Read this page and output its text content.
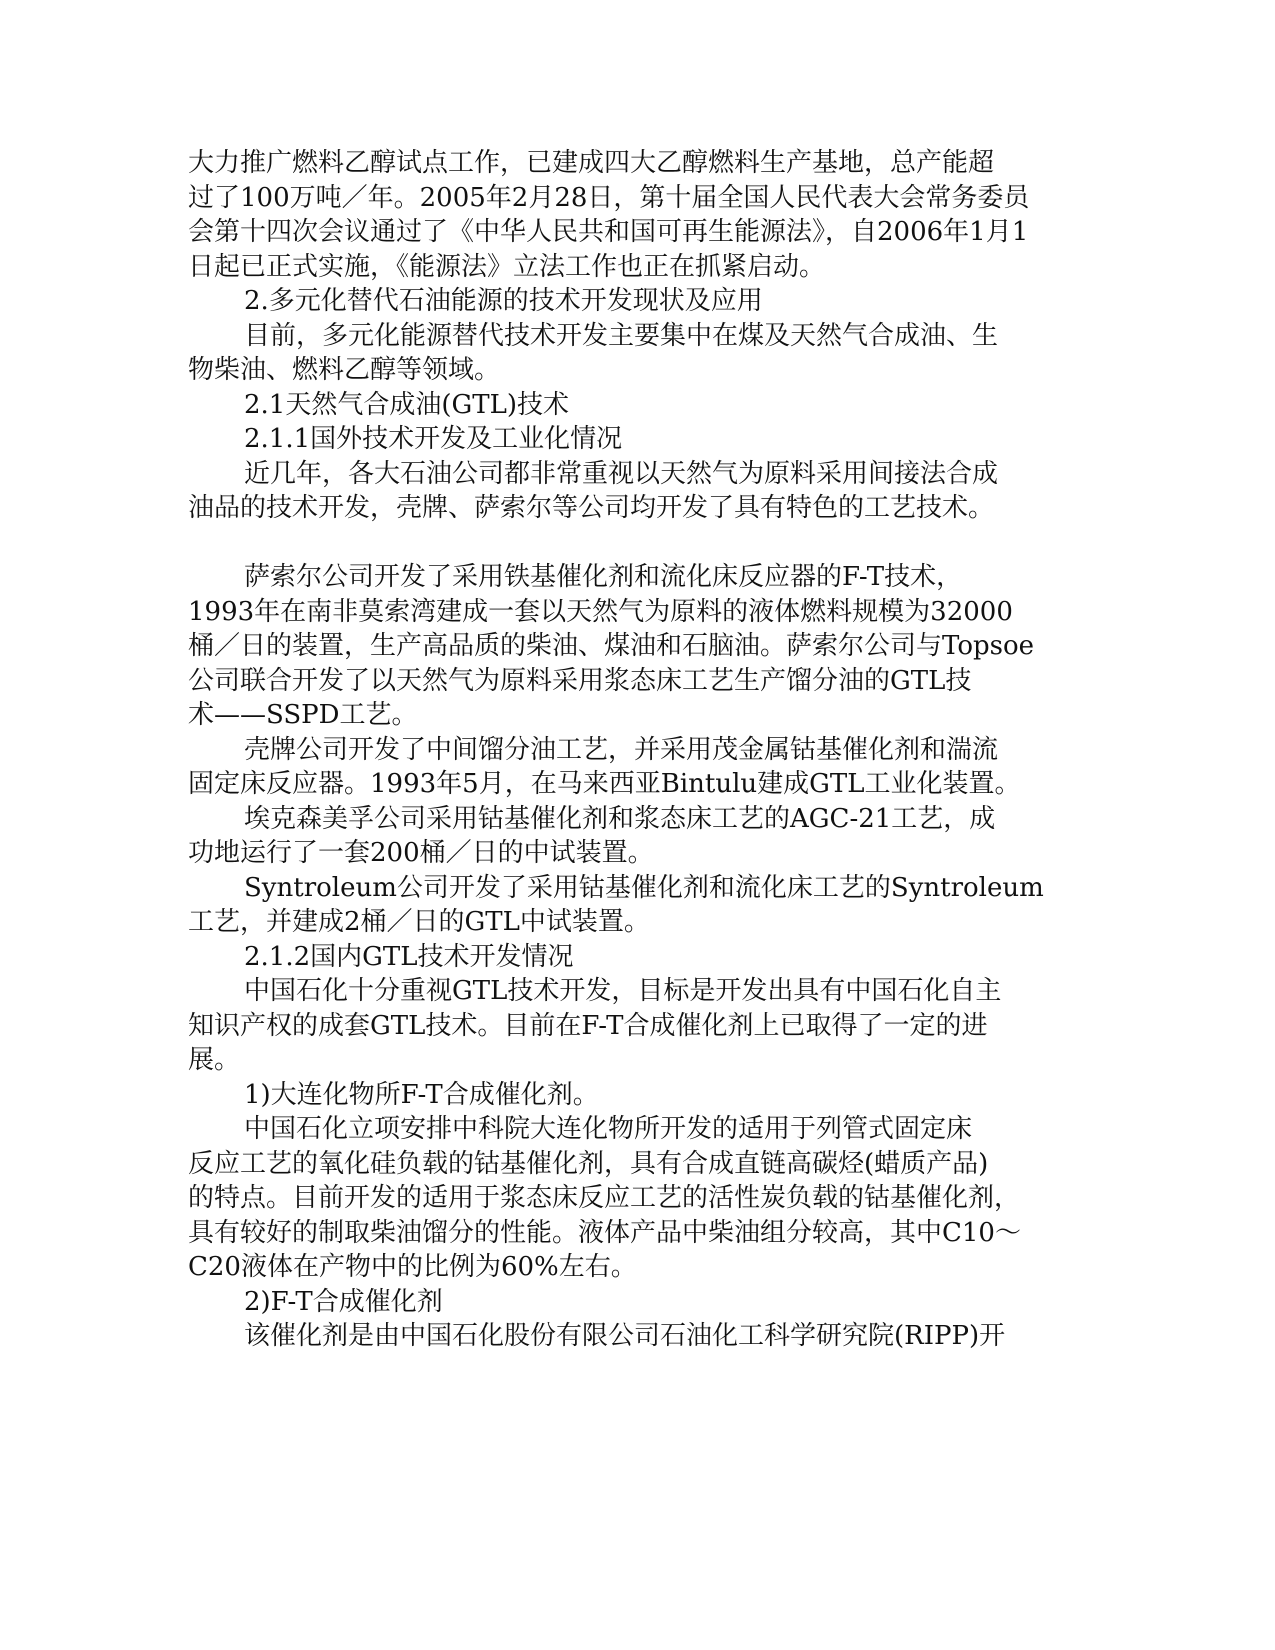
大力推广燃料乙醇试点工作，已建成四大乙醇燃料生产基地，总产能超
过了100万吨／年。2005年2月28日，第十届全国人民代表大会常务委员
会第十四次会议通过了《中华人民共和国可再生能源法》，自2006年1月1
日起已正式实施，《能源法》立法工作也正在抓紧启动。
2.多元化替代石油能源的技术开发现状及应用
目前，多元化能源替代技术开发主要集中在煤及天然气合成油、生
物柴油、燃料乙醇等领域。
2.1天然气合成油(GTL)技术
2.1.1国外技术开发及工业化情况
近几年，各大石油公司都非常重视以天然气为原料采用间接法合成
油品的技术开发，壳牌、萨索尔等公司均开发了具有特色的工艺技术。
萨索尔公司开发了采用铁基催化剂和流化床反应器的F-T技术，
1993年在南非莫索湾建成一套以天然气为原料的液体燃料规模为32000
桶／日的装置，生产高品质的柴油、煤油和石脑油。萨索尔公司与Topsoe
公司联合开发了以天然气为原料采用浆态床工艺生产馏分油的GTL技
术——SSPD工艺。
壳牌公司开发了中间馏分油工艺，并采用茂金属钴基催化剂和湍流
固定床反应器。1993年5月，在马来西亚Bintulu建成GTL工业化装置。
埃克森美孚公司采用钴基催化剂和浆态床工艺的AGC-21工艺，成
功地运行了一套200桶／日的中试装置。
Syntroleum公司开发了采用钴基催化剂和流化床工艺的Syntroleum
工艺，并建成2桶／日的GTL中试装置。
2.1.2国内GTL技术开发情况
中国石化十分重视GTL技术开发，目标是开发出具有中国石化自主
知识产权的成套GTL技术。目前在F-T合成催化剂上已取得了一定的进
展。
1)大连化物所F-T合成催化剂。
中国石化立项安排中科院大连化物所开发的适用于列管式固定床
反应工艺的氧化硅负载的钴基催化剂，具有合成直链高碳烃(蜡质产品)
的特点。目前开发的适用于浆态床反应工艺的活性炭负载的钴基催化剂，
具有较好的制取柴油馏分的性能。液体产品中柴油组分较高，其中C10～
C20液体在产物中的比例为60%左右。
2)F-T合成催化剂
该催化剂是由中国石化股份有限公司石油化工科学研究院(RIPP)开
